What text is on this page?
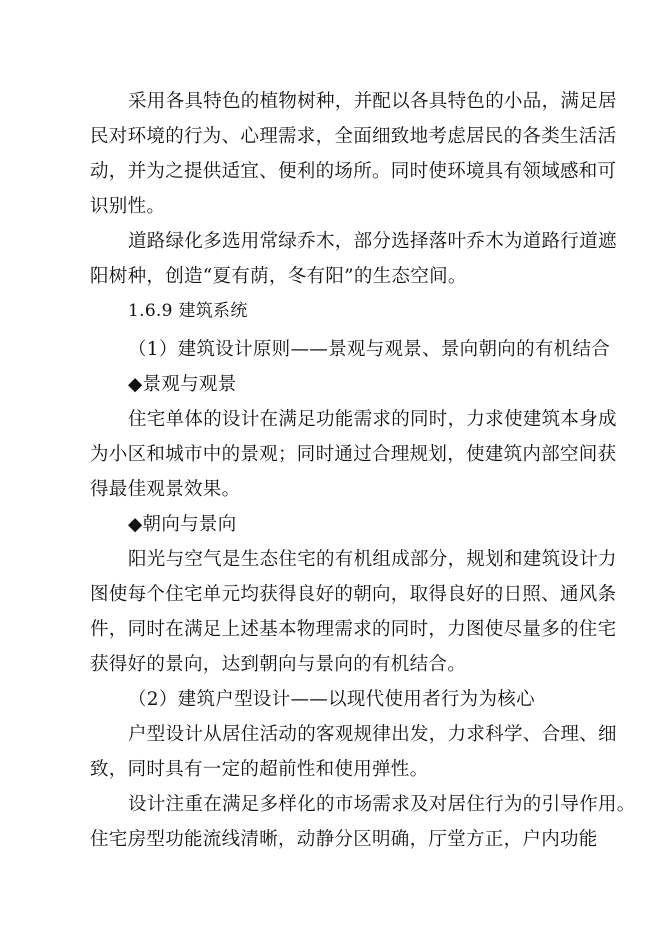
采用各具特色的植物树种，并配以各具特色的小品，满足居
民对环境的行为、心理需求，全面细致地考虑居民的各类生活活
动，并为之提供适宜、便利的场所。同时使环境具有领域感和可
识别性。
道路绿化多选用常绿乔木，部分选择落叶乔木为道路行道遮
阳树种，创造“夏有荫，冬有阳”的生态空间。
1.6.9 建筑系统
（1）建筑设计原则——景观与观景、景向朝向的有机结合
◆景观与观景
住宅单体的设计在满足功能需求的同时，力求使建筑本身成
为小区和城市中的景观；同时通过合理规划，使建筑内部空间获
得最佳观景效果。
◆朝向与景向
阳光与空气是生态住宅的有机组成部分，规划和建筑设计力
图使每个住宅单元均获得良好的朝向，取得良好的日照、通风条
件，同时在满足上述基本物理需求的同时，力图使尽量多的住宅
获得好的景向，达到朝向与景向的有机结合。
（2）建筑户型设计——以现代使用者行为为核心
户型设计从居住活动的客观规律出发，力求科学、合理、细
致，同时具有一定的超前性和使用弹性。
设计注重在满足多样化的市场需求及对居住行为的引导作用。
住宅房型功能流线清晰，动静分区明确，厅堂方正，户内功能
